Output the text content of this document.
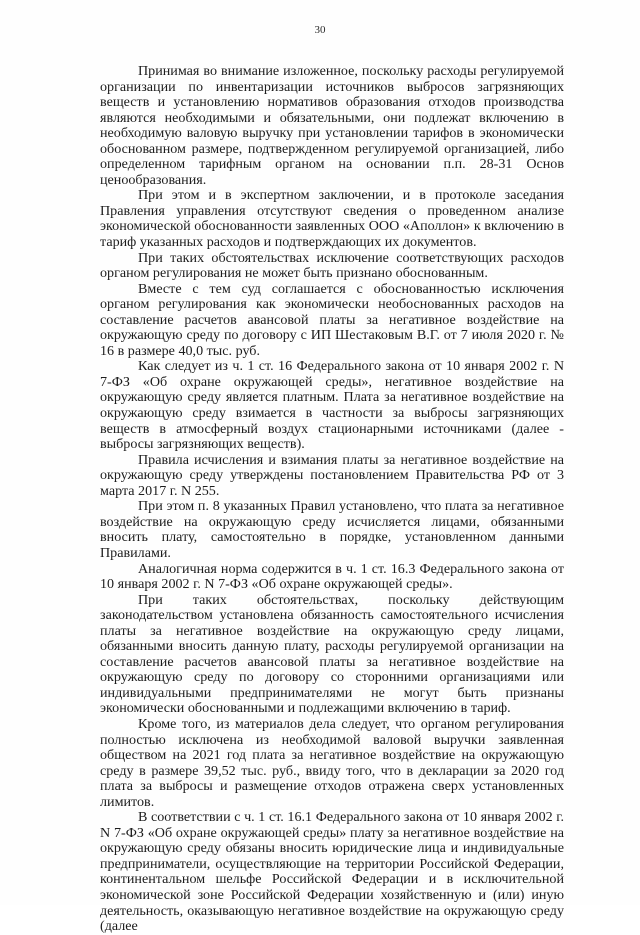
30

Принимая во внимание изложенное, поскольку расходы регулируемой организации по инвентаризации источников выбросов загрязняющих веществ и установлению нормативов образования отходов производства являются необходимыми и обязательными, они подлежат включению в необходимую валовую выручку при установлении тарифов в экономически обоснованном размере, подтвержденном регулируемой организацией, либо определенном тарифным органом на основании п.п. 28-31 Основ ценообразования.

При этом и в экспертном заключении, и в протоколе заседания Правления управления отсутствуют сведения о проведенном анализе экономической обоснованности заявленных ООО «Аполлон» к включению в тариф указанных расходов и подтверждающих их документов.

При таких обстоятельствах исключение соответствующих расходов органом регулирования не может быть признано обоснованным.

Вместе с тем суд соглашается с обоснованностью исключения органом регулирования как экономически необоснованных расходов на составление расчетов авансовой платы за негативное воздействие на окружающую среду по договору с ИП Шестаковым В.Г. от 7 июля 2020 г. № 16 в размере 40,0 тыс. руб.

Как следует из ч. 1 ст. 16 Федерального закона от 10 января 2002 г. N 7-ФЗ «Об охране окружающей среды», негативное воздействие на окружающую среду является платным. Плата за негативное воздействие на окружающую среду взимается в частности за выбросы загрязняющих веществ в атмосферный воздух стационарными источниками (далее - выбросы загрязняющих веществ).

Правила исчисления и взимания платы за негативное воздействие на окружающую среду утверждены постановлением Правительства РФ от 3 марта 2017 г. N 255.

При этом п. 8 указанных Правил установлено, что плата за негативное воздействие на окружающую среду исчисляется лицами, обязанными вносить плату, самостоятельно в порядке, установленном данными Правилами.

Аналогичная норма содержится в ч. 1 ст. 16.3 Федерального закона от 10 января 2002 г. N 7-ФЗ «Об охране окружающей среды».

При таких обстоятельствах, поскольку действующим законодательством установлена обязанность самостоятельного исчисления платы за негативное воздействие на окружающую среду лицами, обязанными вносить данную плату, расходы регулируемой организации на составление расчетов авансовой платы за негативное воздействие на окружающую среду по договору со сторонними организациями или индивидуальными предпринимателями не могут быть признаны экономически обоснованными и подлежащими включению в тариф.

Кроме того, из материалов дела следует, что органом регулирования полностью исключена из необходимой валовой выручки заявленная обществом на 2021 год плата за негативное воздействие на окружающую среду в размере 39,52 тыс. руб., ввиду того, что в декларации за 2020 год плата за выбросы и размещение отходов отражена сверх установленных лимитов.

В соответствии с ч. 1 ст. 16.1 Федерального закона от 10 января 2002 г. N 7-ФЗ «Об охране окружающей среды» плату за негативное воздействие на окружающую среду обязаны вносить юридические лица и индивидуальные предприниматели, осуществляющие на территории Российской Федерации, континентальном шельфе Российской Федерации и в исключительной экономической зоне Российской Федерации хозяйственную и (или) иную деятельность, оказывающую негативное воздействие на окружающую среду (далее
